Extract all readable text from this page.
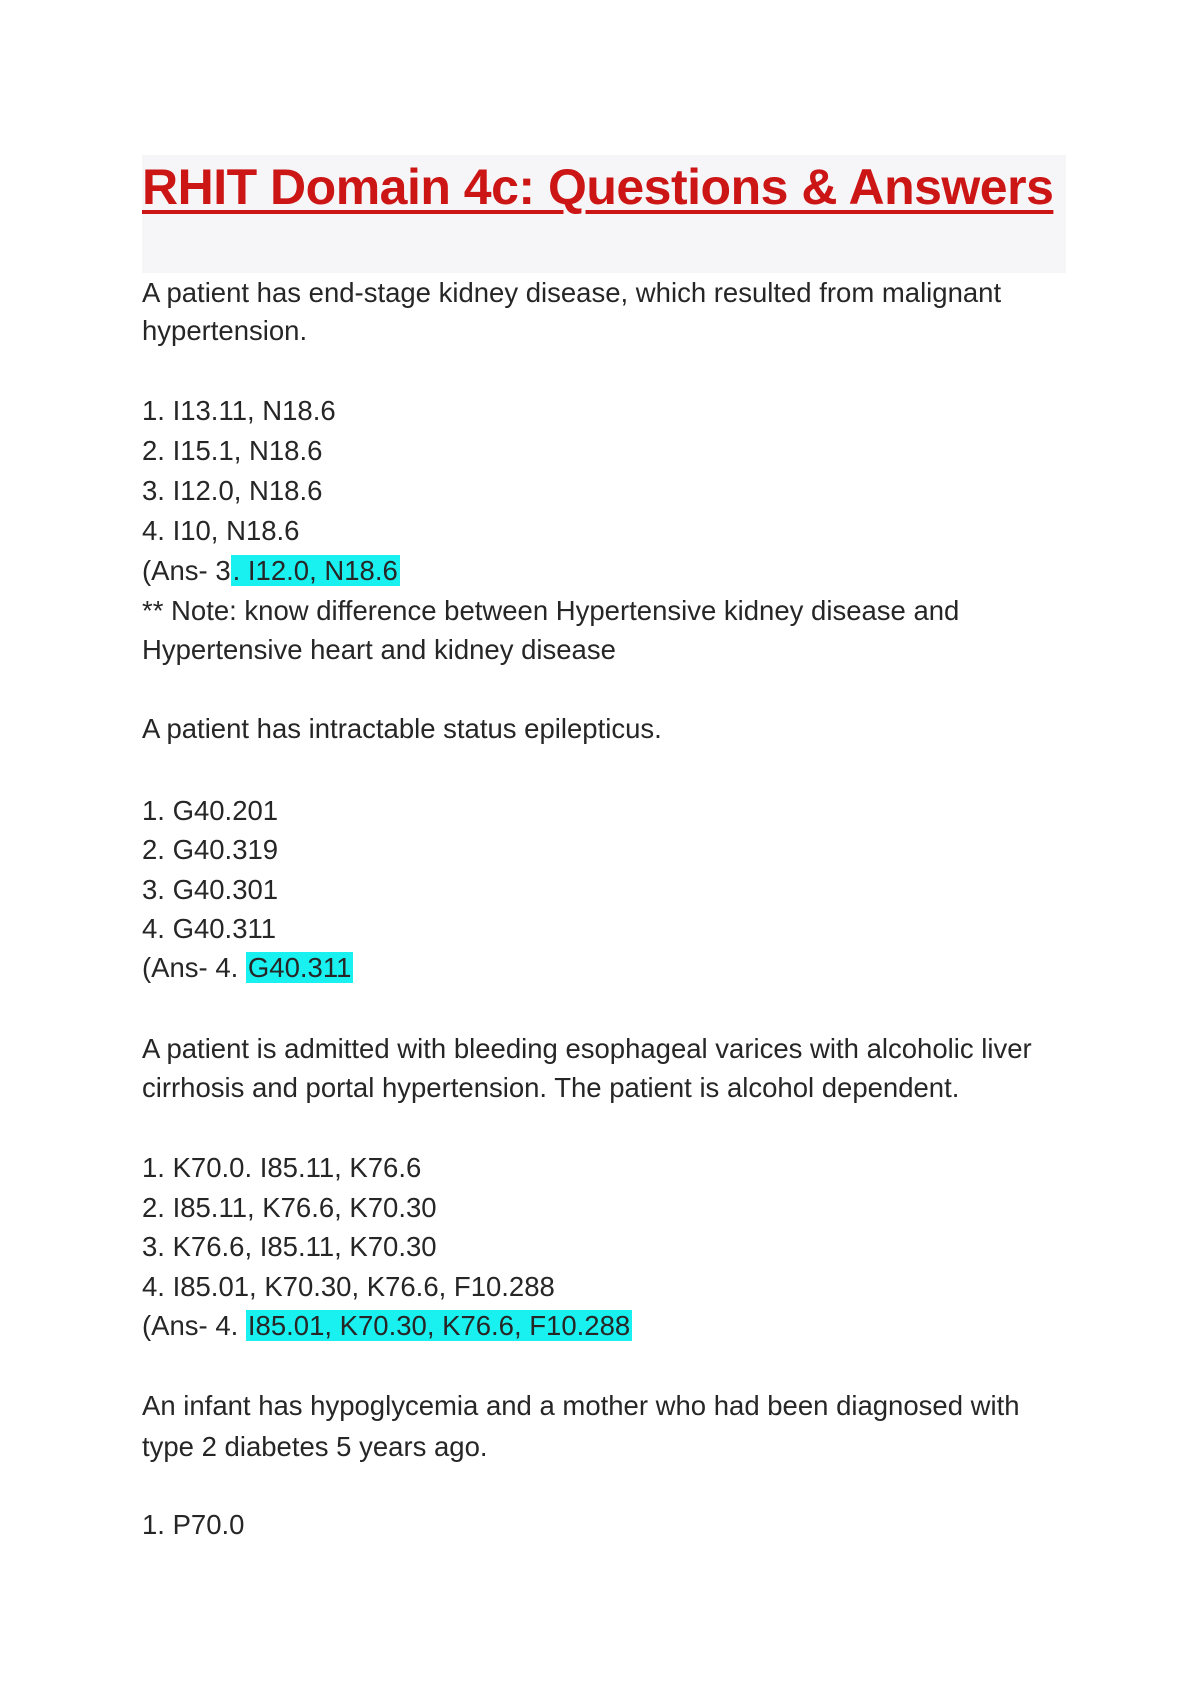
RHIT Domain 4c: Questions & Answers

A patient has end-stage kidney disease, which resulted from malignant

hypertension.

1. I13.11, N18.6

2. I15.1, N18.6

3. I12.0, N18.6

4. I10, N18.6

(Ans- 3. I12.0, N18.6

** Note: know difference between Hypertensive kidney disease and

Hypertensive heart and kidney disease

A patient has intractable status epilepticus.

1. G40.201

2. G40.319

3. G40.301

4. G40.311

(Ans- 4. G40.311

A patient is admitted with bleeding esophageal varices with alcoholic liver

cirrhosis and portal hypertension. The patient is alcohol dependent.

1. K70.0. I85.11, K76.6

2. I85.11, K76.6, K70.30

3. K76.6, I85.11, K70.30

4. I85.01, K70.30, K76.6, F10.288

(Ans- 4. I85.01, K70.30, K76.6, F10.288

An infant has hypoglycemia and a mother who had been diagnosed with

type 2 diabetes 5 years ago.

1. P70.0
